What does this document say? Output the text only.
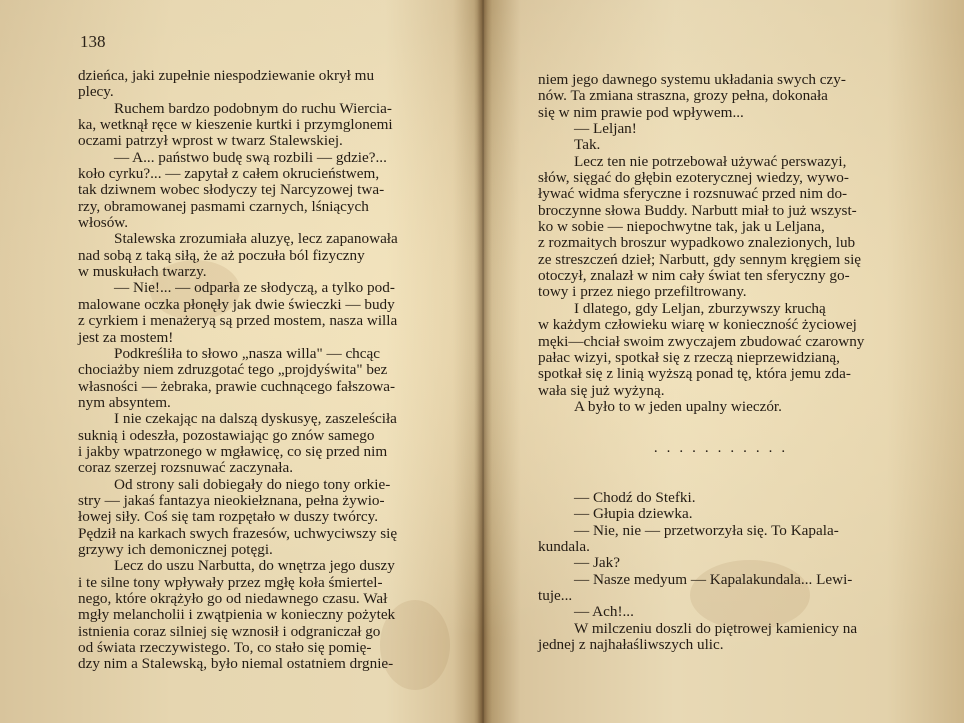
138

dzieńca, jaki zupełnie niespodziewanie okrył mu
plecy.
Ruchem bardzo podobnym do ruchu Wiercia-
ka, wetknął ręce w kieszenie kurtki i przymglonemi
oczami patrzył wprost w twarz Stalewskiej.
— A... państwo budę swą rozbili — gdzie?...
koło cyrku?... — zapytał z całem okrucieństwem,
tak dziwnem wobec słodyczy tej Narcyzowej twa-
rzy, obramowanej pasmami czarnych, lśniących
włosów.
Stalewska zrozumiała aluzyę, lecz zapanowała
nad sobą z taką siłą, że aż poczuła ból fizyczny
w muskułach twarzy.
— Nie!... — odparła ze słodyczą, a tylko pod-
malowane oczka płonęły jak dwie świeczki — budy
z cyrkiem i menażeryą są przed mostem, nasza willa
jest za mostem!
Podkreśliła to słowo „nasza willa" — chcąc
chociażby niem zdruzgotać tego „projdyświta" bez
własności — żebraka, prawie cuchnącego fałszowa-
nym absyntem.
I nie czekając na dalszą dyskusyę, zaszeleściła
suknią i odeszła, pozostawiając go znów samego
i jakby wpatrzonego w mgławicę, co się przed nim
coraz szerzej rozsnuwać zaczynała.
Od strony sali dobiegały do niego tony orkie-
stry — jakaś fantazya nieokiełznana, pełna żywio-
łowej siły. Coś się tam rozpętało w duszy twórcy.
Pędził na karkach swych frazesów, uchwyciwszy się
grzywy ich demonicznej potęgi.
Lecz do uszu Narbutta, do wnętrza jego duszy
i te silne tony wpływały przez mgłę koła śmiertel-
nego, które okrążyło go od niedawnego czasu. Wał
mgły melancholii i zwątpienia w konieczny pożytek
istnienia coraz silniej się wznosił i odgraniczał go
od świata rzeczywistego. To, co stało się pomię-
dzy nim a Stalewską, było niemal ostatniem drgnie-
niem jego dawnego systemu układania swych czy-
nów. Ta zmiana straszna, grozy pełna, dokonała
się w nim prawie pod wpływem...
— Leljan!
Tak.
Lecz ten nie potrzebował używać perswazyi,
słów, sięgać do głębin ezoterycznej wiedzy, wywo-
ływać widma sferyczne i rozsnuwać przed nim do-
broczynne słowa Buddy. Narbutt miał to już wszyst-
ko w sobie — niepochwytne tak, jak u Leljana,
z rozmaitych broszur wypadkowo znalezionych, lub
ze streszczeń dzieł; Narbutt, gdy sennym kręgiem się
otoczył, znalazł w nim cały świat ten sferyczny go-
towy i przez niego przefiltrowany.
I dlatego, gdy Leljan, zburzywszy kruchą
w każdym człowieku wiarę w konieczność życiowej
męki—chciał swoim zwyczajem zbudować czarowny
pałac wizyi, spotkał się z rzeczą nieprzewidzianą,
spotkał się z linią wyższą ponad tę, która jemu zda-
wała się już wyżyną.
A było to w jeden upalny wieczór.
...........
— Chodź do Stefki.
— Głupia dziewka.
— Nie, nie — przetworzyła się. To Kapala-
kundala.
— Jak?
— Nasze medyum — Kapalakundala... Lewi-
tuje...
— Ach!...
W milczeniu doszli do piętrowej kamienicy na
jednej z najhałaśliwszych ulic.
